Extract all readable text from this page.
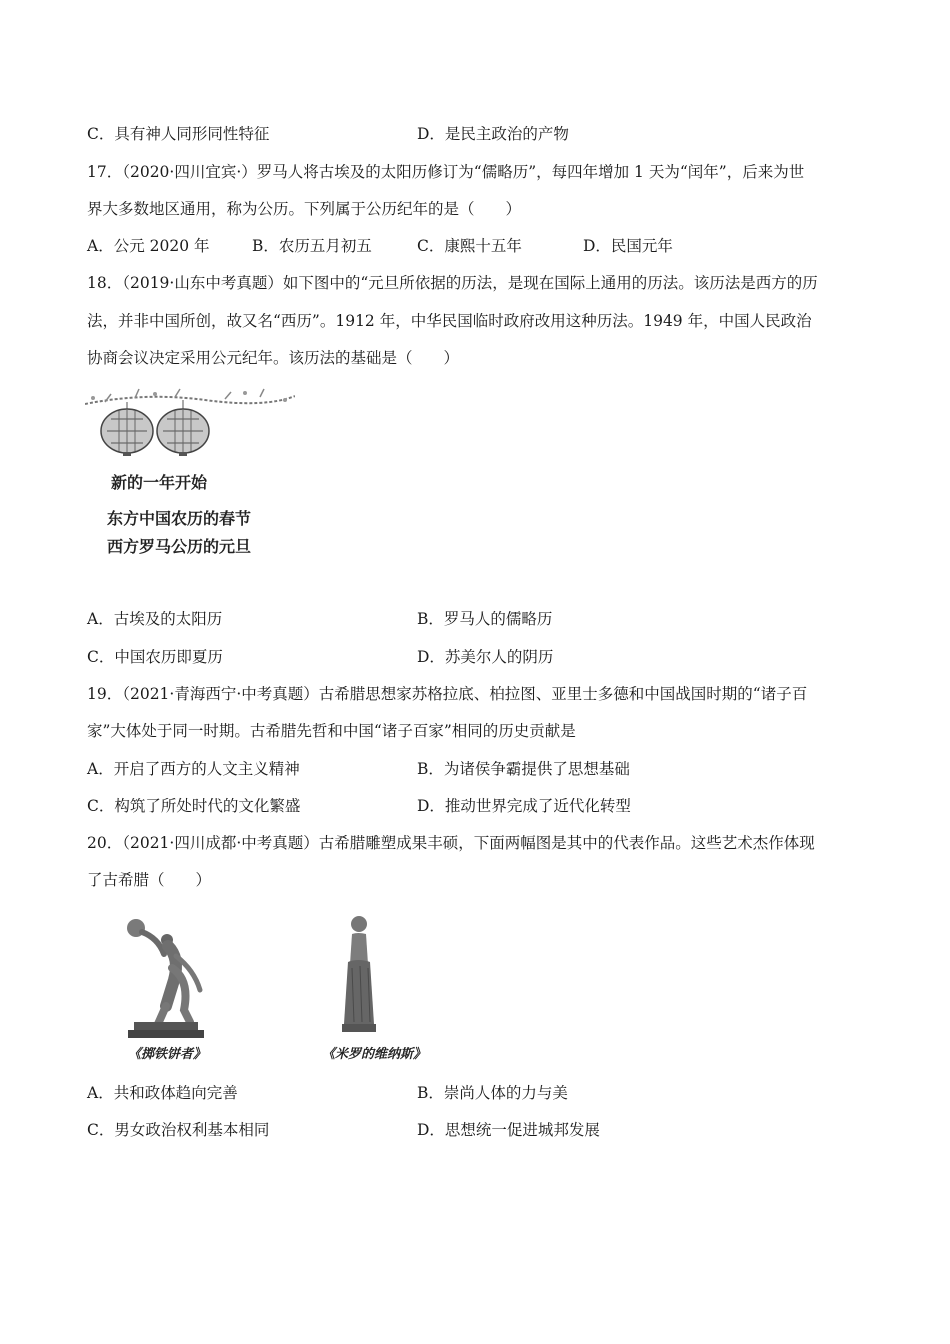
C．具有神人同形同性特征	D．是民主政治的产物
17．（2020·四川宜宾·）罗马人将古埃及的太阳历修订为“儒略历”，每四年增加 1 天为“闰年”，后来为世
界大多数地区通用，称为公历。下列属于公历纪年的是（　　）
A．公元 2020 年	B．农历五月初五	C．康熙十五年	D．民国元年
18．（2019·山东中考真题）如下图中的“元旦所依据的历法，是现在国际上通用的历法。该历法是西方的历
法，并非中国所创，故又名“西历”。1912 年，中华民国临时政府改用这种历法。1949 年，中国人民政治
协商会议决定采用公元纪年。该历法的基础是（　　）
新的一年开始
东方中国农历的春节
西方罗马公历的元旦
A．古埃及的太阳历	B．罗马人的儒略历
C．中国农历即夏历	D．苏美尔人的阴历
19．（2021·青海西宁·中考真题）古希腊思想家苏格拉底、柏拉图、亚里士多德和中国战国时期的“诸子百
家”大体处于同一时期。古希腊先哲和中国“诸子百家”相同的历史贡献是
A．开启了西方的人文主义精神	B．为诸侯争霸提供了思想基础
C．构筑了所处时代的文化繁盛	D．推动世界完成了近代化转型
20．（2021·四川成都·中考真题）古希腊雕塑成果丰硕，下面两幅图是其中的代表作品。这些艺术杰作体现
了古希腊（　　）
《掷铁饼者》	《米罗的维纳斯》
A．共和政体趋向完善	B．崇尚人体的力与美
C．男女政治权利基本相同	D．思想统一促进城邦发展
